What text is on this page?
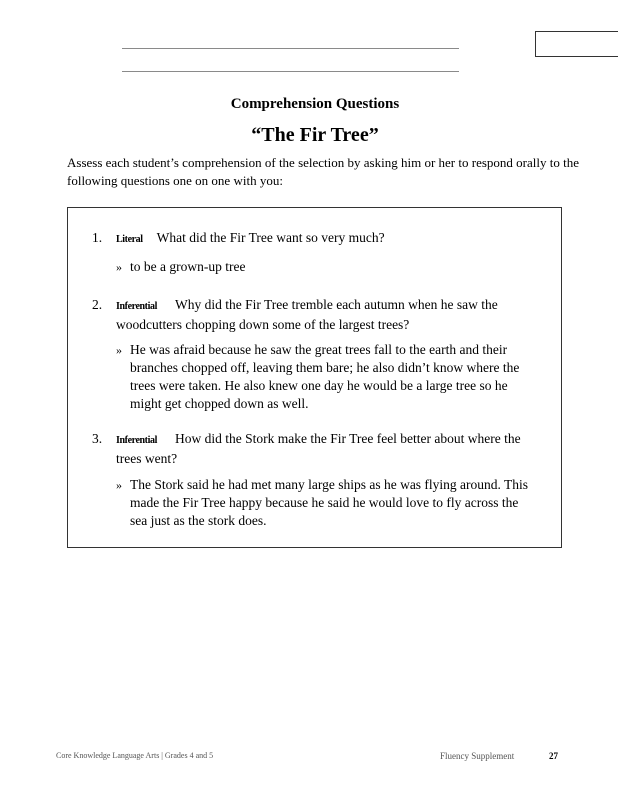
Comprehension Questions
“The Fir Tree”
Assess each student’s comprehension of the selection by asking him or her to respond orally to the following questions one on one with you:
1. Literal What did the Fir Tree want so very much?
» to be a grown-up tree
2. Inferential Why did the Fir Tree tremble each autumn when he saw the woodcutters chopping down some of the largest trees?
» He was afraid because he saw the great trees fall to the earth and their branches chopped off, leaving them bare; he also didn’t know where the trees were taken. He also knew one day he would be a large tree so he might get chopped down as well.
3. Inferential How did the Stork make the Fir Tree feel better about where the trees went?
» The Stork said he had met many large ships as he was flying around. This made the Fir Tree happy because he said he would love to fly across the sea just as the stork does.
Core Knowledge Language Arts | Grades 4 and 5	Fluency Supplement	27
